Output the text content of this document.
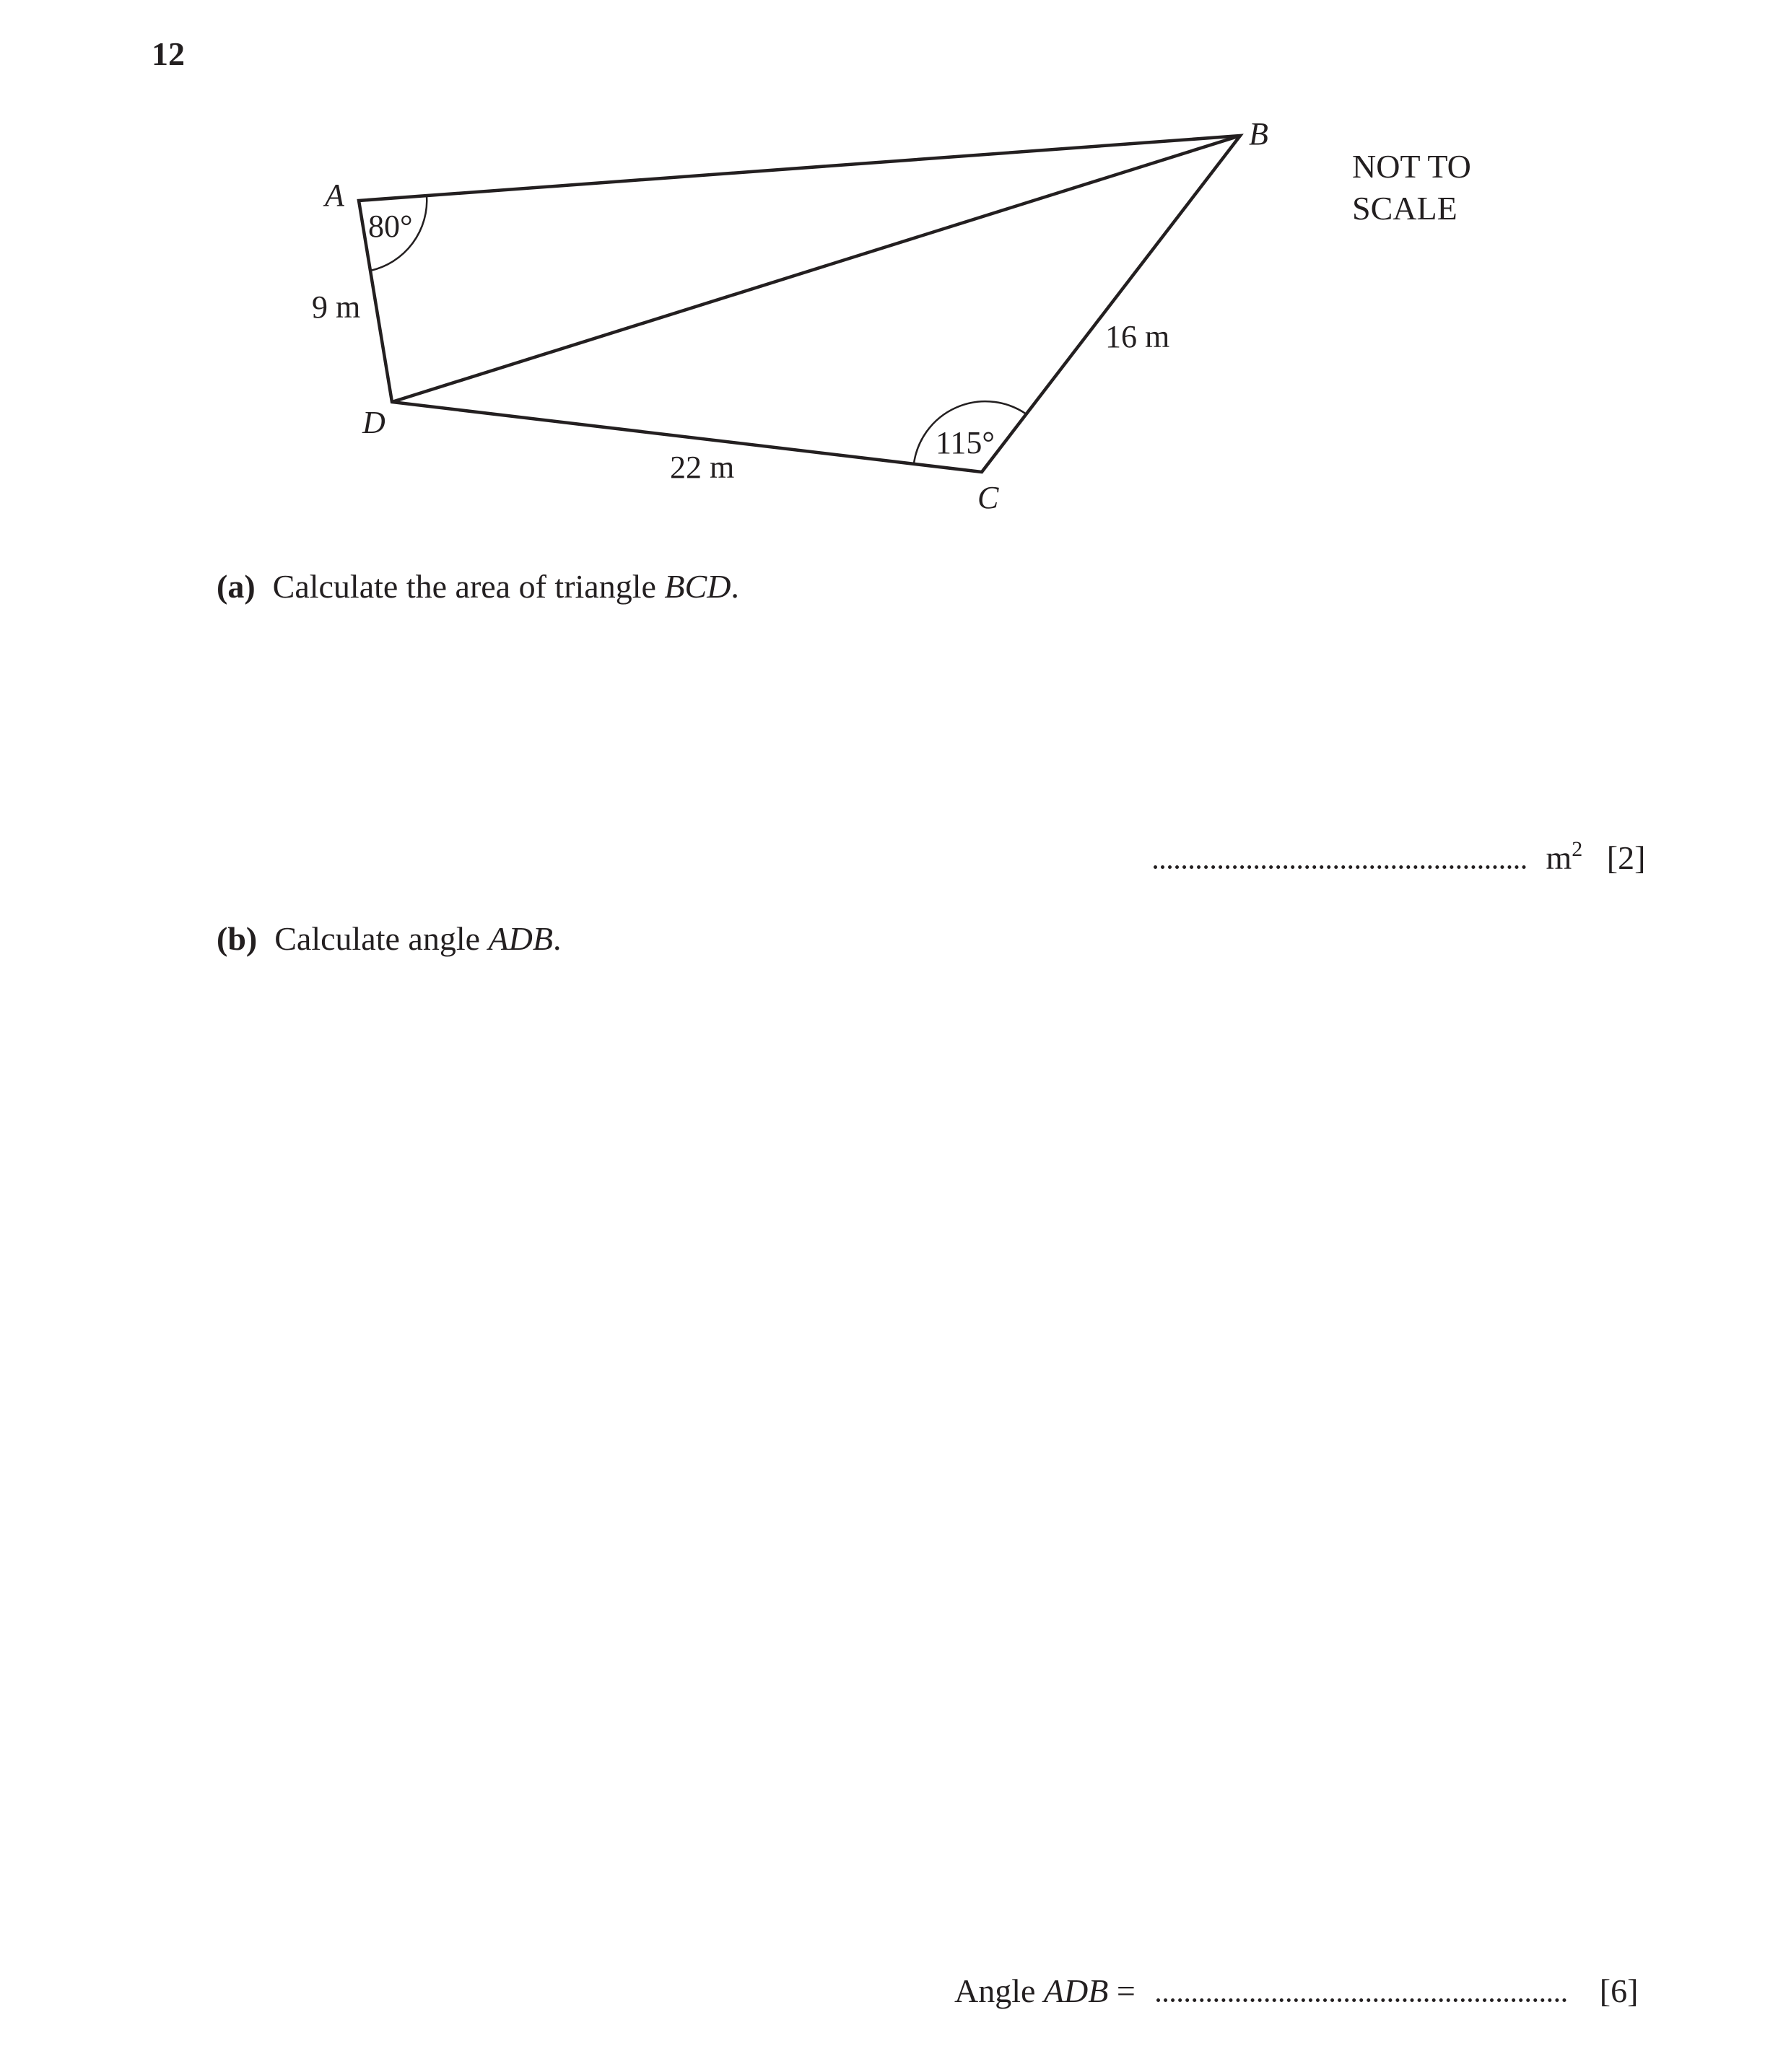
12
A
B
C
D
80°
115°
9 m
16 m
22 m
NOT TO
SCALE
(a) Calculate the area of triangle BCD.
$m^2$ [2]
(b) Calculate angle ADB.
Angle ADB =	[6]
